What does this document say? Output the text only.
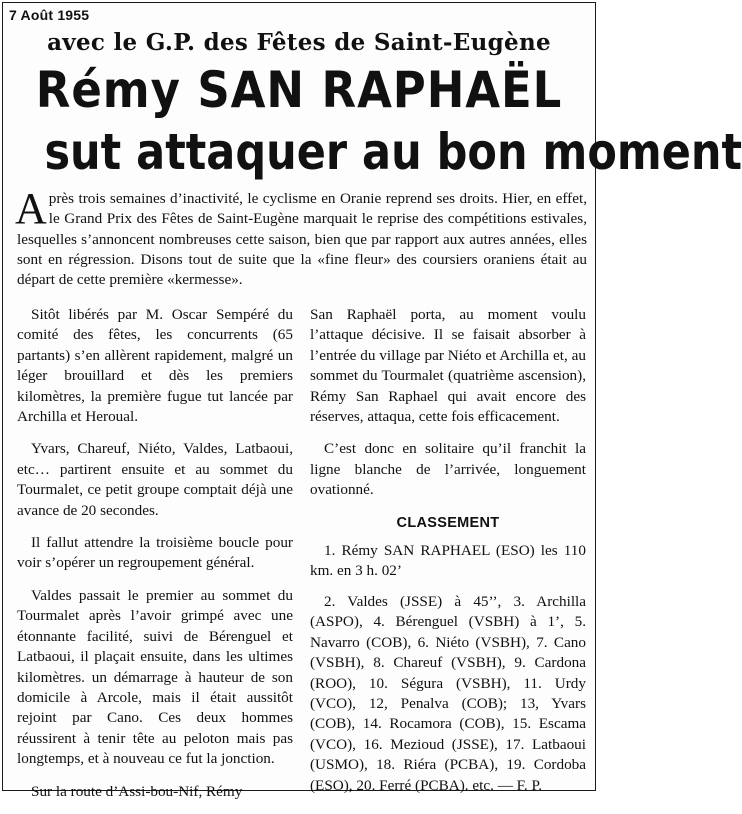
7 Août 1955
avec le G.P. des Fêtes de Saint-Eugène
Rémy SAN RAPHAËL
sut attaquer au bon moment
Après trois semaines d’inactivité, le cyclisme en Oranie reprend ses droits. Hier, en effet, le Grand Prix des Fêtes de Saint-Eugène marquait le reprise des compétitions estivales, lesquelles s’annoncent nombreuses cette saison, bien que par rapport aux autres années, elles sont en régression. Disons tout de suite que la «fine fleur» des coursiers oraniens était au départ de cette première «kermesse».

Sitôt libérés par M. Oscar Sempéré du comité des fêtes, les concurrents (65 partants) s’en allèrent rapidement, malgré un léger brouillard et dès les premiers kilomètres, la première fugue tut lancée par Archilla et Heroual.

Yvars, Chareuf, Niéto, Valdes, Latbaoui, etc… partirent ensuite et au sommet du Tourmalet, ce petit groupe comptait déjà une avance de 20 secondes.

Il fallut attendre la troisième boucle pour voir s’opérer un regroupement général.

Valdes passait le premier au sommet du Tourmalet après l’avoir grimpé avec une étonnante facilité, suivi de Bérenguel et Latbaoui, il plaçait ensuite, dans les ultimes kilomètres. un démarrage à hauteur de son domicile à Arcole, mais il était aussitôt rejoint par Cano. Ces deux hommes réussirent à tenir tête au peloton mais pas longtemps, et à nouveau ce fut la jonction.

Sur la route d’Assi-bou-Nif, Rémy

San Raphaël porta, au moment voulu l’attaque décisive. Il se faisait absorber à l’entrée du village par Niéto et Archilla et, au sommet du Tourmalet (quatrième ascension), Rémy San Raphael qui avait encore des réserves, attaqua, cette fois efficacement.

C’est donc en solitaire qu’il franchit la ligne blanche de l’arrivée, longuement ovationné.

CLASSEMENT

1. Rémy SAN RAPHAEL (ESO) les 110 km. en 3 h. 02’

2. Valdes (JSSE) à 45’’, 3. Archilla (ASPO), 4. Bérenguel (VSBH) à 1’, 5. Navarro (COB), 6. Niéto (VSBH), 7. Cano (VSBH), 8. Chareuf (VSBH), 9. Cardona (ROO), 10. Ségura (VSBH), 11. Urdy (VCO), 12, Penalva (COB); 13, Yvars (COB), 14. Rocamora (COB), 15. Escama (VCO), 16. Mezioud (JSSE), 17. Latbaoui (USMO), 18. Riéra (PCBA), 19. Cordoba (ESO), 20. Ferré (PCBA). etc. — F. P.
